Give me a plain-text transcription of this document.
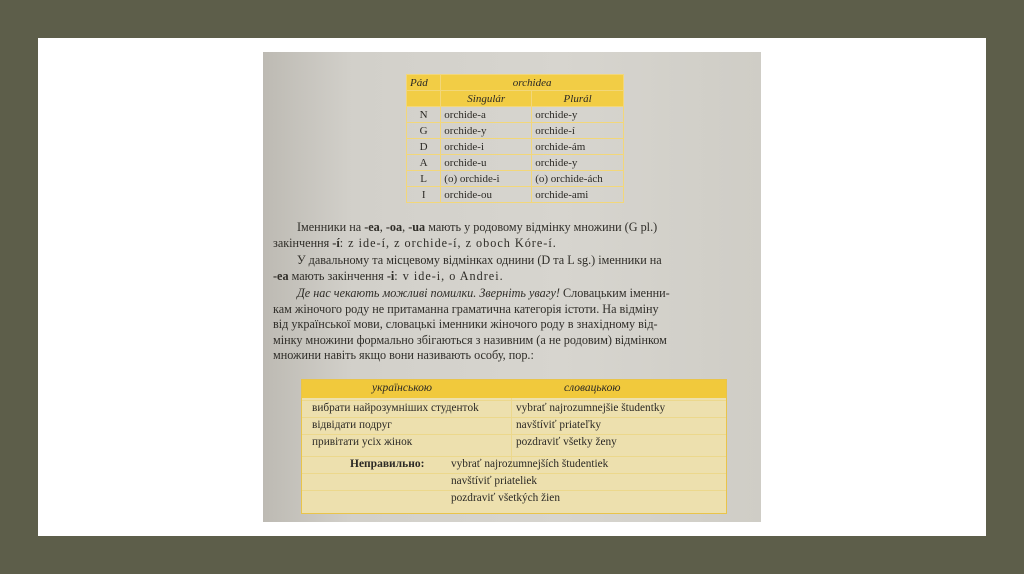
Pád	orchidea	
	Singulár	Plurál
N	orchide-a	orchide-y
G	orchide-y	orchide-í
D	orchide-i	orchide-ám
A	orchide-u	orchide-y
L	(o) orchide-i	(o) orchide-ách
I	orchide-ou	orchide-ami

Іменники на -ea, -oa, -ua мають у родовому відмінку множини (G pl.)
закінчення -í: z ide-í, z orchide-í, z oboch Kóre-í.

У давальному та місцевому відмінках однини (D та L sg.) іменники на
-ea мають закінчення -i: v ide-i, o Andrei.

Де нас чекають можливі помилки. Зверніть увагу! Словацьким іменни-
кам жіночого роду не притаманна граматична категорія істоти. На відміну
від української мови, словацькі іменники жіночого роду в знахідному від-
мінку множини формально збігаються з називним (а не родовим) відмінком
множини навіть якщо вони називають особу, пор.:

українською	словацькою
вибрати найрозумніших студентok	vybrať najrozumnejšie študentky
відвідати подруг	navštíviť priateľky
привітати усіх жінок	pozdraviť všetky ženy
Неправильно: vybrať najrozumnejších študentiek
navštíviť priateliek
pozdraviť všetkých žien
